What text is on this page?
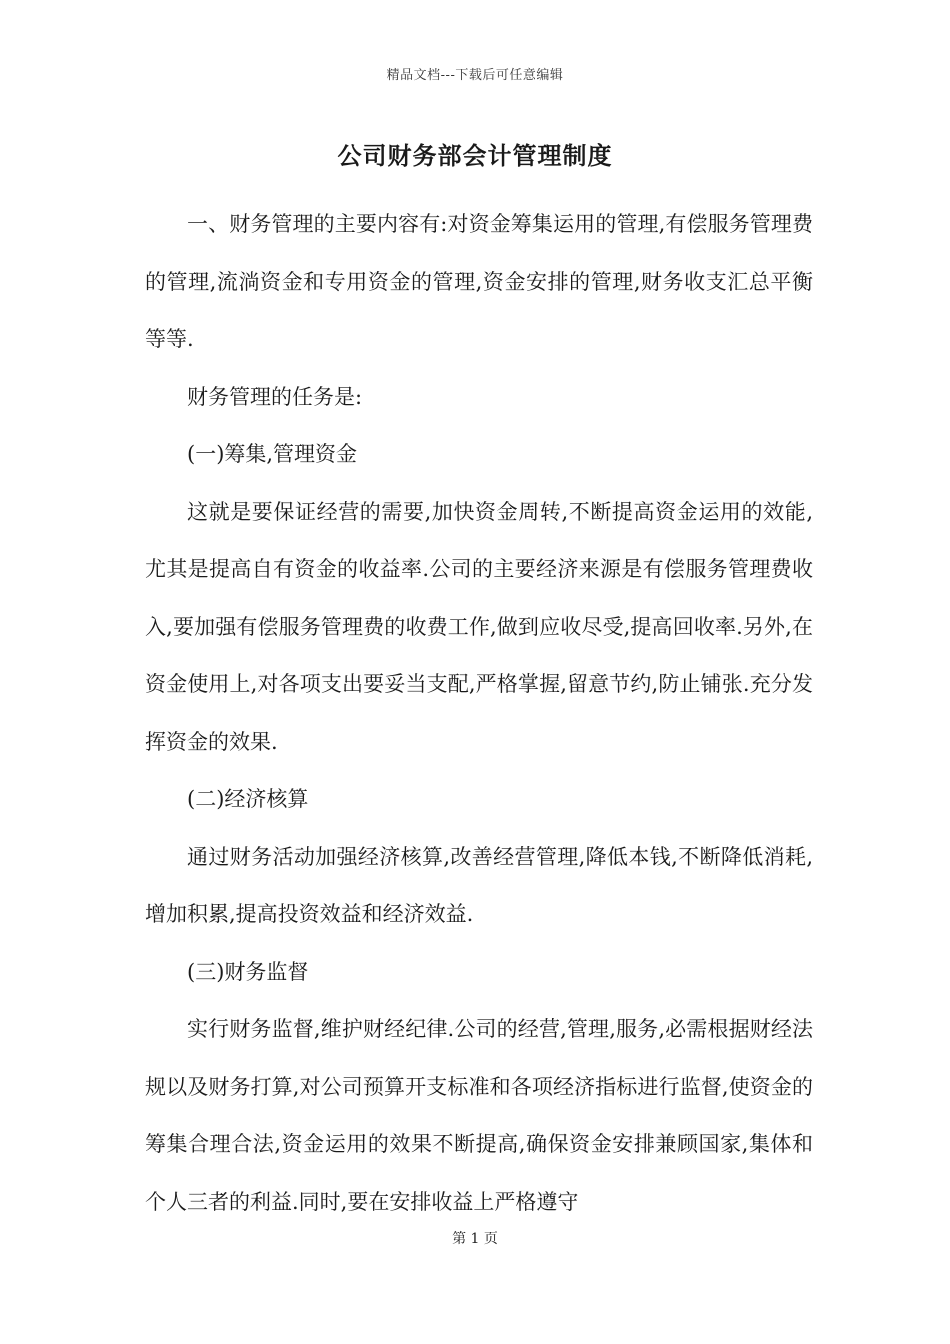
精品文档---下载后可任意编辑
公司财务部会计管理制度

一、财务管理的主要内容有:对资金筹集运用的管理,有偿服务管理费的管理,流淌资金和专用资金的管理,资金安排的管理,财务收支汇总平衡等等.

财务管理的任务是:

(一)筹集,管理资金

这就是要保证经营的需要,加快资金周转,不断提高资金运用的效能,尤其是提高自有资金的收益率.公司的主要经济来源是有偿服务管理费收入,要加强有偿服务管理费的收费工作,做到应收尽受,提高回收率.另外,在资金使用上,对各项支出要妥当支配,严格掌握,留意节约,防止铺张.充分发挥资金的效果.

(二)经济核算

通过财务活动加强经济核算,改善经营管理,降低本钱,不断降低消耗,增加积累,提高投资效益和经济效益.

(三)财务监督

实行财务监督,维护财经纪律.公司的经营,管理,服务,必需根据财经法规以及财务打算,对公司预算开支标准和各项经济指标进行监督,使资金的筹集合理合法,资金运用的效果不断提高,确保资金安排兼顾国家,集体和个人三者的利益.同时,要在安排收益上严格遵守

第 1 页
